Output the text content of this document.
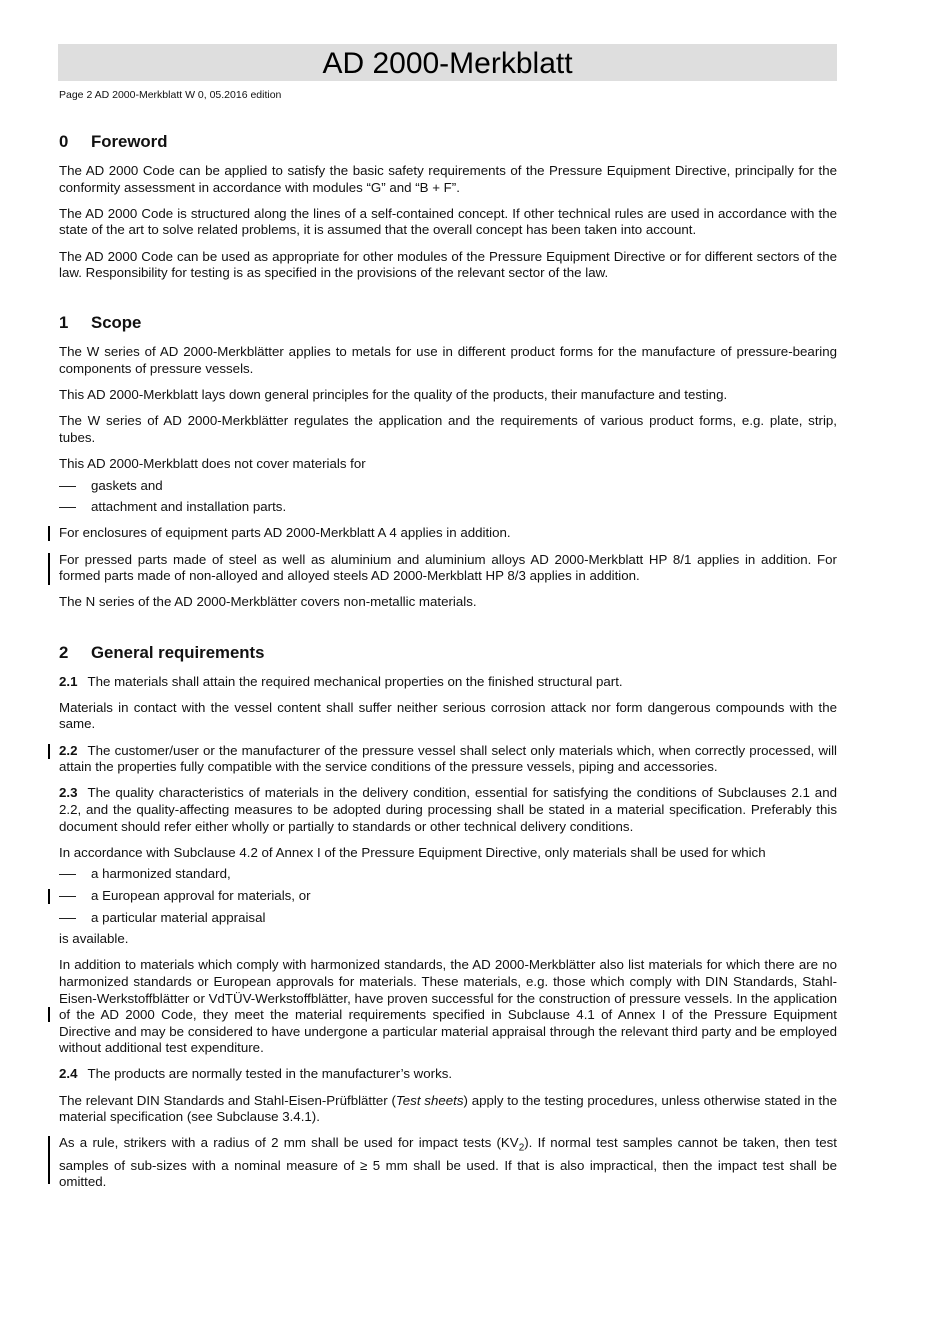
AD 2000-Merkblatt
Page 2 AD 2000-Merkblatt W 0, 05.2016 edition
0 Foreword

The AD 2000 Code can be applied to satisfy the basic safety requirements of the Pressure Equipment Directive, principally for the conformity assessment in accordance with modules “G” and “B + F”.

The AD 2000 Code is structured along the lines of a self-contained concept. If other technical rules are used in accordance with the state of the art to solve related problems, it is assumed that the overall concept has been taken into account.

The AD 2000 Code can be used as appropriate for other modules of the Pressure Equipment Directive or for different sectors of the law. Responsibility for testing is as specified in the provisions of the relevant sector of the law.

1 Scope

The W series of AD 2000-Merkblätter applies to metals for use in different product forms for the manufacture of pressure-bearing components of pressure vessels.

This AD 2000-Merkblatt lays down general principles for the quality of the products, their manufacture and testing.

The W series of AD 2000-Merkblätter regulates the application and the requirements of various product forms, e.g. plate, strip, tubes.

This AD 2000-Merkblatt does not cover materials for

gaskets and
attachment and installation parts.

For enclosures of equipment parts AD 2000-Merkblatt A 4 applies in addition.

For pressed parts made of steel as well as aluminium and aluminium alloys AD 2000-Merkblatt HP 8/1 applies in addition. For formed parts made of non-alloyed and alloyed steels AD 2000-Merkblatt HP 8/3 applies in addition.

The N series of the AD 2000-Merkblätter covers non-metallic materials.

2 General requirements

2.1 The materials shall attain the required mechanical properties on the finished structural part.

Materials in contact with the vessel content shall suffer neither serious corrosion attack nor form dangerous compounds with the same.

2.2 The customer/user or the manufacturer of the pressure vessel shall select only materials which, when correctly processed, will attain the properties fully compatible with the service conditions of the pressure vessels, piping and accessories.

2.3 The quality characteristics of materials in the delivery condition, essential for satisfying the conditions of Subclauses 2.1 and 2.2, and the quality-affecting measures to be adopted during processing shall be stated in a material specification. Preferably this document should refer either wholly or partially to standards or other technical delivery conditions.

In accordance with Subclause 4.2 of Annex I of the Pressure Equipment Directive, only materials shall be used for which

a harmonized standard,
a European approval for materials, or
a particular material appraisal

is available.

In addition to materials which comply with harmonized standards, the AD 2000-Merkblätter also list materials for which there are no harmonized standards or European approvals for materials. These materials, e.g. those which comply with DIN Standards, Stahl-Eisen-Werkstoffblätter or VdTÜV-Werkstoffblätter, have proven successful for the construction of pressure vessels. In the application of the AD 2000 Code, they meet the material requirements specified in Subclause 4.1 of Annex I of the Pressure Equipment Directive and may be considered to have undergone a particular material appraisal through the relevant third party and be employed without additional test expenditure.

2.4 The products are normally tested in the manufacturer’s works.

The relevant DIN Standards and Stahl-Eisen-Prüfblätter (Test sheets) apply to the testing procedures, unless otherwise stated in the material specification (see Subclause 3.4.1).

As a rule, strikers with a radius of 2 mm shall be used for impact tests $(KV_2)$. If normal test samples cannot be taken, then test samples of sub-sizes with a nominal measure of ≥ 5 mm shall be used. If that is also impractical, then the impact test shall be omitted.
